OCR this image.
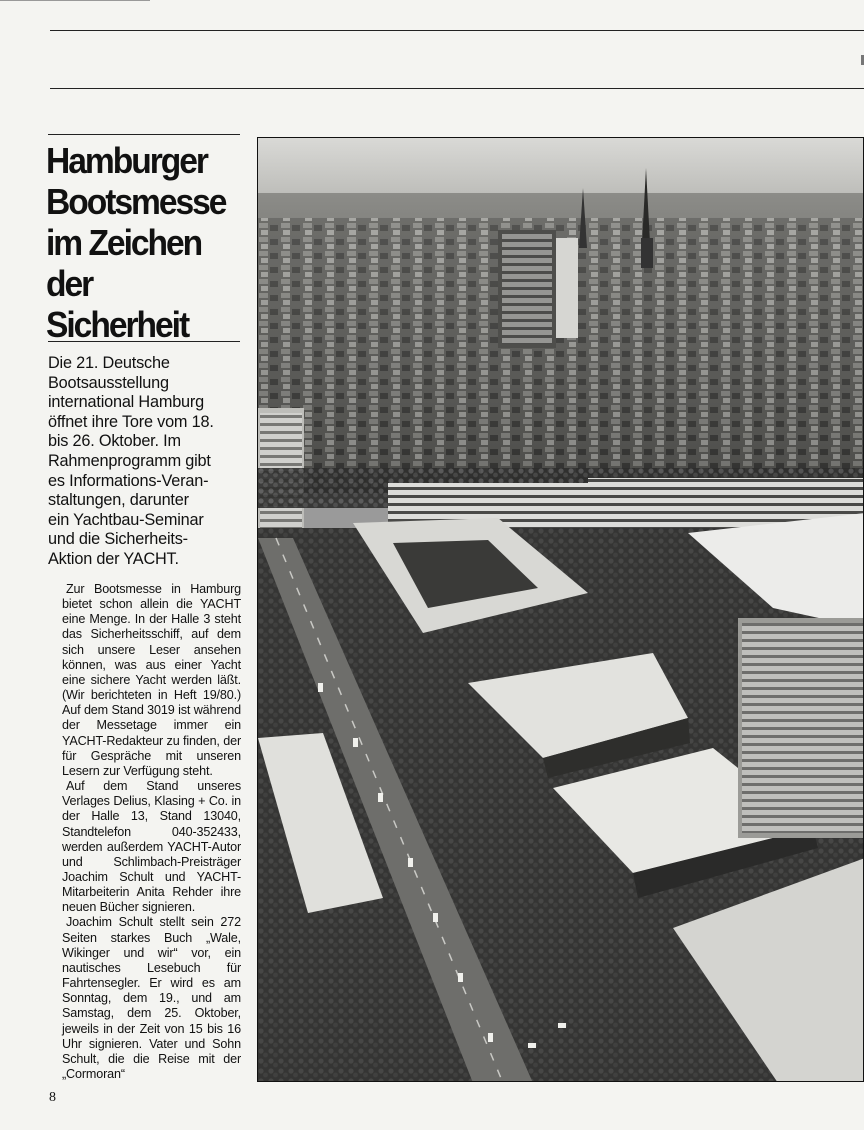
Hamburger
Bootsmesse
im Zeichen
der
Sicherheit
Die 21. Deutsche
Bootsausstellung
international Hamburg
öffnet ihre Tore vom 18.
bis 26. Oktober. Im
Rahmenprogramm gibt
es Informations-Veran-
staltungen, darunter
ein Yachtbau-Seminar
und die Sicherheits-
Aktion der YACHT.

Zur Bootsmesse in Hamburg bietet schon allein die YACHT eine Menge. In der Halle 3 steht das Sicherheitsschiff, auf dem sich unsere Leser ansehen können, was aus einer Yacht eine sichere Yacht werden läßt. (Wir berichteten in Heft 19/80.) Auf dem Stand 3019 ist während der Messetage immer ein YACHT-Redakteur zu finden, der für Gespräche mit unseren Lesern zur Verfügung steht.

Auf dem Stand unseres Verlages Delius, Klasing + Co. in der Halle 13, Stand 13040, Standtelefon 040-352433, werden außerdem YACHT-Autor und Schlimbach-Preisträger Joachim Schult und YACHT-Mitarbeiterin Anita Rehder ihre neuen Bücher signieren.

Joachim Schult stellt sein 272 Seiten starkes Buch „Wale, Wikinger und wir“ vor, ein nautisches Lesebuch für Fahrtensegler. Er wird es am Sonntag, dem 19., und am Samstag, dem 25. Oktober, jeweils in der Zeit von 15 bis 16 Uhr signieren. Vater und Sohn Schult, die die Reise mit der „Cormoran“

8
